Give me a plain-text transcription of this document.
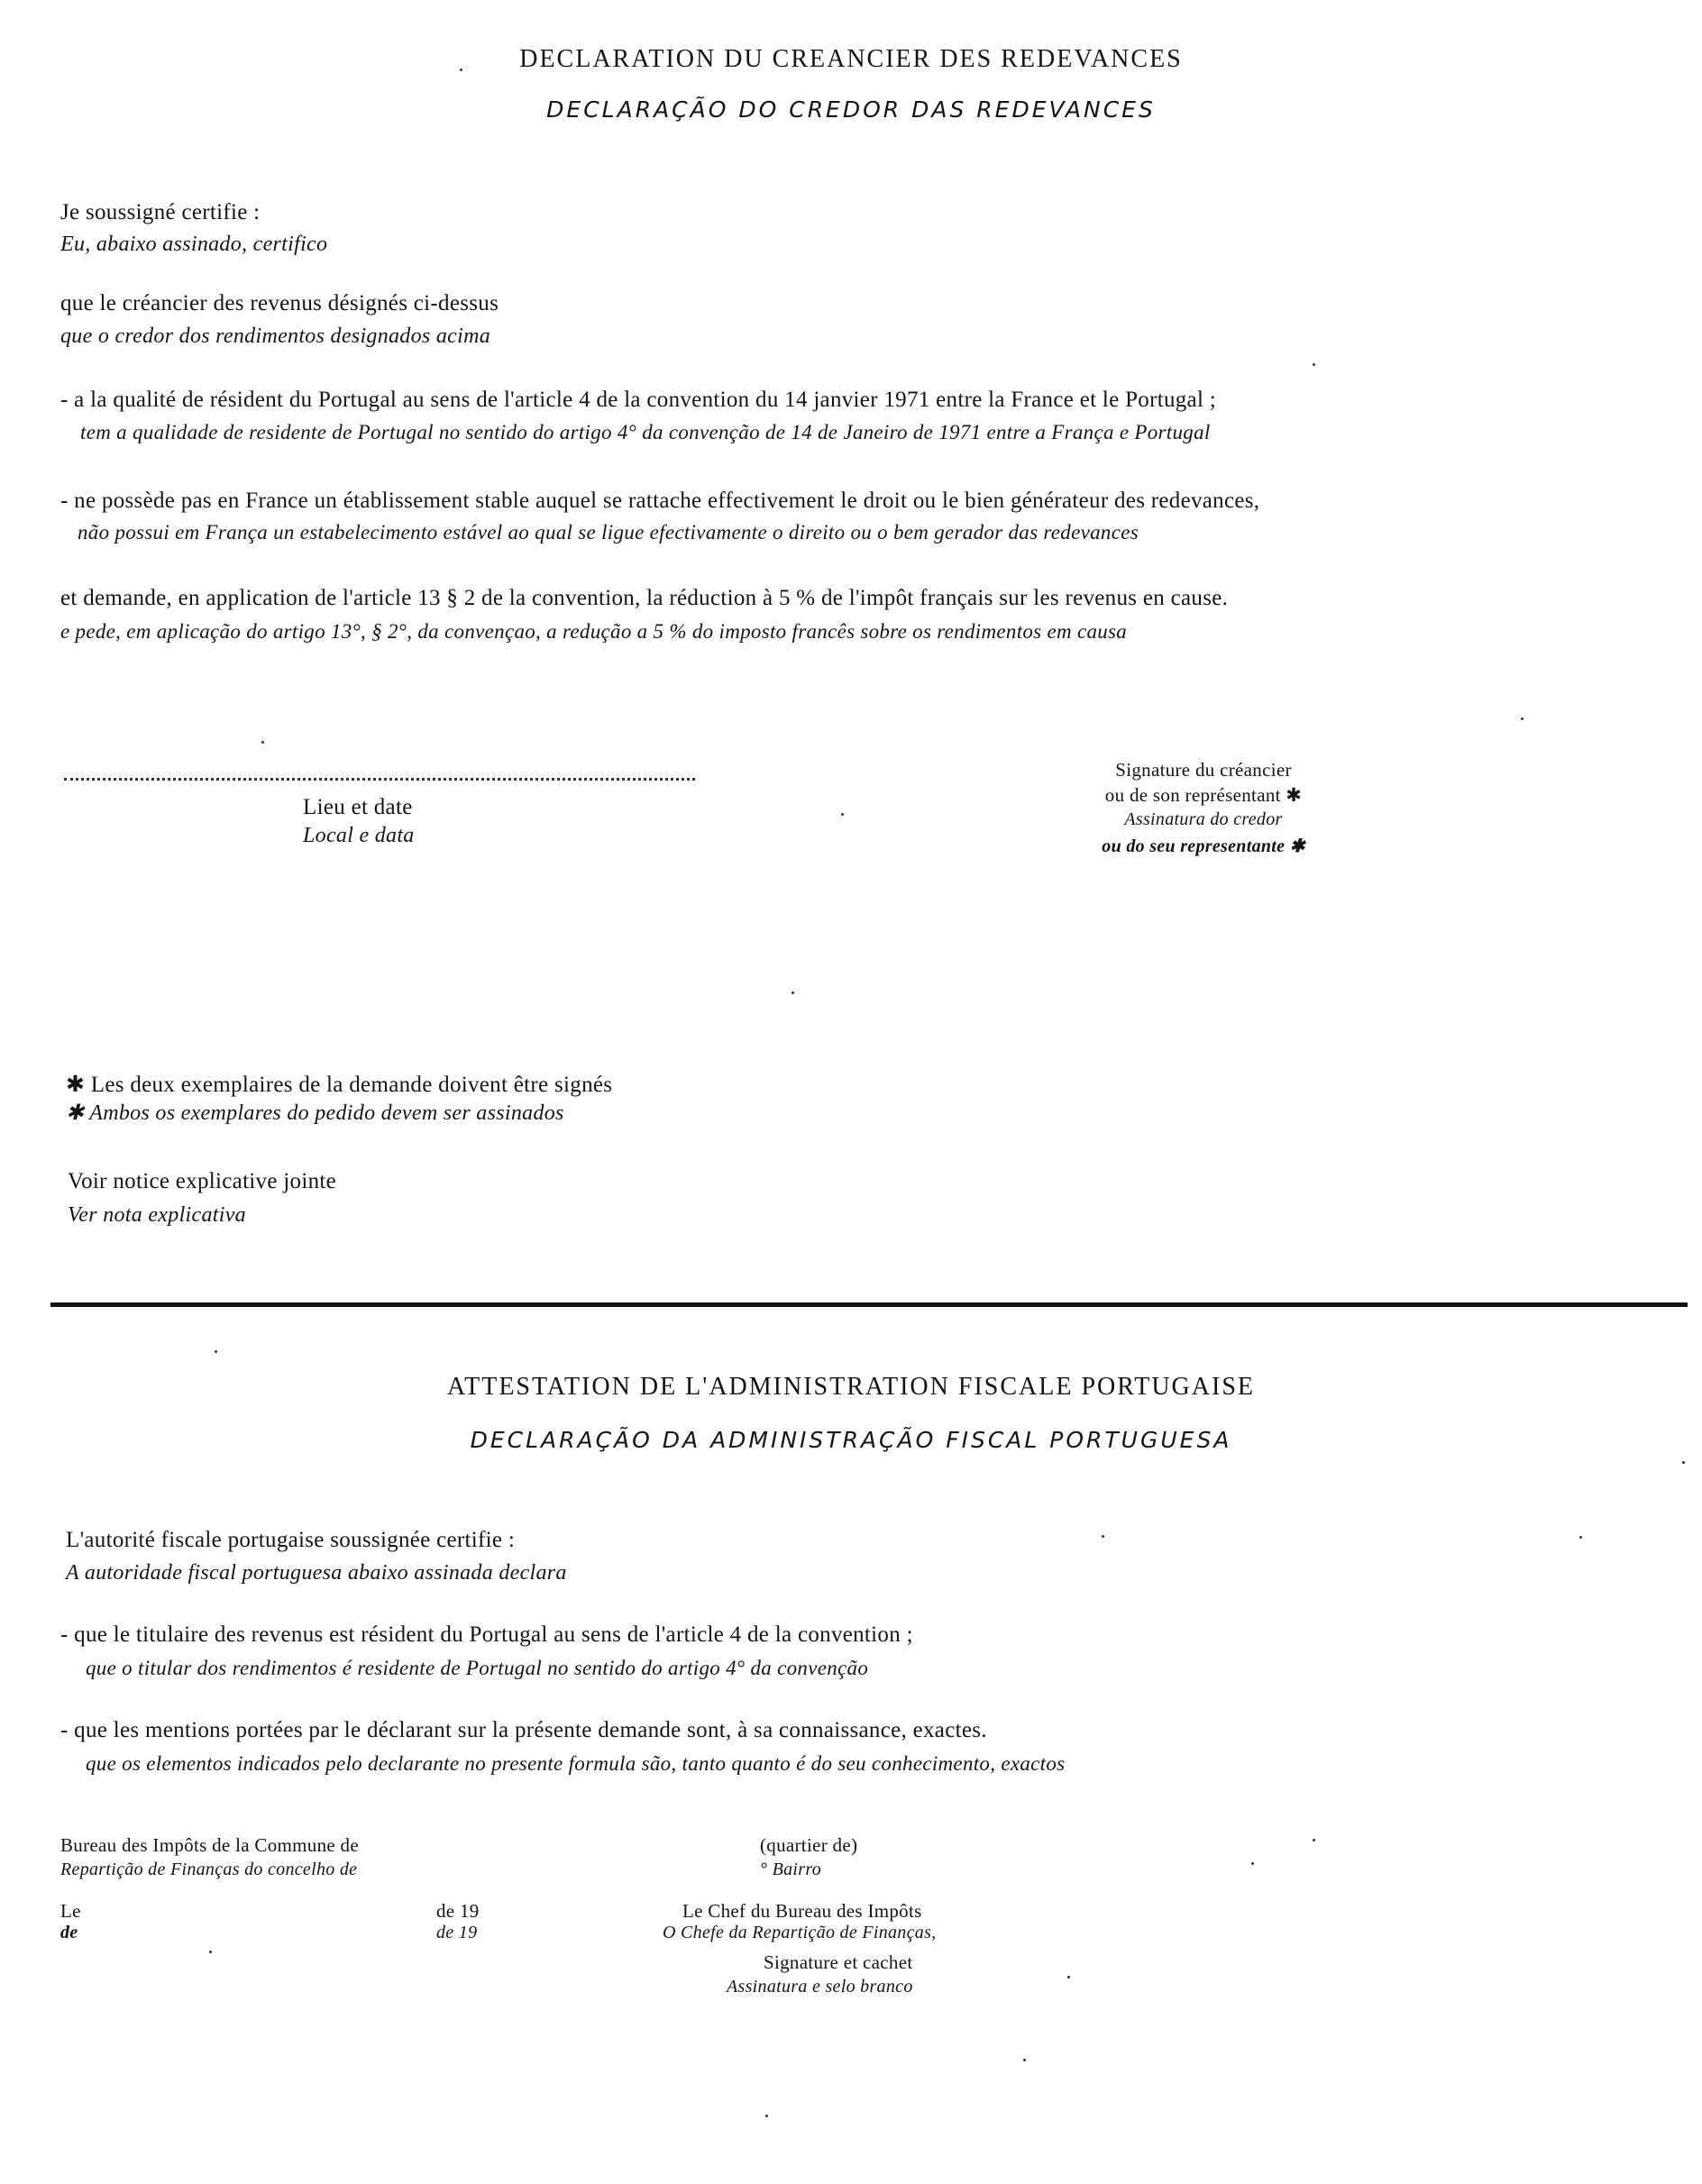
DECLARATION DU CREANCIER DES REDEVANCES
DECLARAÇÃO DO CREDOR DAS REDEVANCES
Je soussigné certifie :
Eu, abaixo assinado, certifico
que le créancier des revenus désignés ci-dessus
que o credor dos rendimentos designados acima
- a la qualité de résident du Portugal au sens de l'article 4 de la convention du 14 janvier 1971 entre la France et le Portugal ;
tem a qualidade de residente de Portugal no sentido do artigo 4° da convenção de 14 de Janeiro de 1971 entre a França e Portugal
- ne possède pas en France un établissement stable auquel se rattache effectivement le droit ou le bien générateur des redevances,
não possui em França un estabelecimento estável ao qual se ligue efectivamente o direito ou o bem gerador das redevances
et demande, en application de l'article 13 § 2 de la convention, la réduction à 5 % de l'impôt français sur les revenus en cause.
e pede, em aplicação do artigo 13°, § 2°, da convençao, a redução a 5 % do imposto francês sobre os rendimentos em causa
Lieu et date
Local e data
Signature du créancier
ou de son représentant ✱
Assinatura do credor
ou do seu representante ✱
✱ Les deux exemplaires de la demande doivent être signés
✱ Ambos os exemplares do pedido devem ser assinados
Voir notice explicative jointe
Ver nota explicativa
ATTESTATION DE L'ADMINISTRATION FISCALE PORTUGAISE
DECLARAÇÃO DA ADMINISTRAÇÃO FISCAL PORTUGUESA
L'autorité fiscale portugaise soussignée certifie :
A autoridade fiscal portuguesa abaixo assinada declara
- que le titulaire des revenus est résident du Portugal au sens de l'article 4 de la convention ;
que o titular dos rendimentos é residente de Portugal no sentido do artigo 4° da convenção
- que les mentions portées par le déclarant sur la présente demande sont, à sa connaissance, exactes.
que os elementos indicados pelo declarante no presente formula são, tanto quanto é do seu conhecimento, exactos
Bureau des Impôts de la Commune de
Repartição de Finanças do concelho de
(quartier de)
° Bairro
Le
de
de 19
de 19
Le Chef du Bureau des Impôts
O Chefe da Repartição de Finanças,
Signature et cachet
Assinatura e selo branco
